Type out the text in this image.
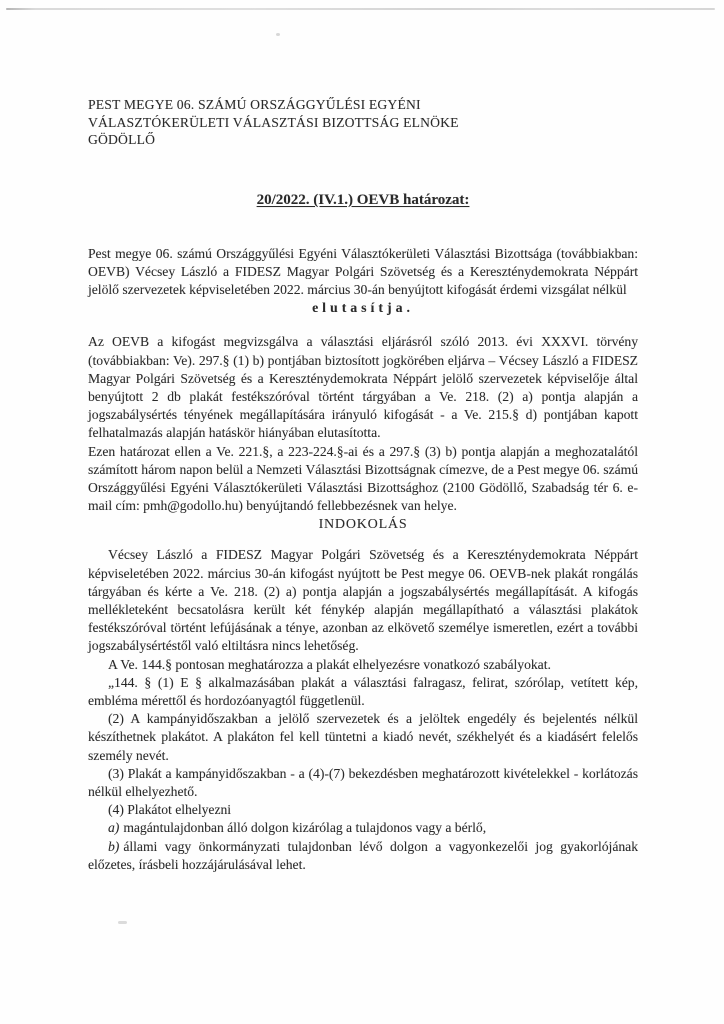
PEST MEGYE 06. SZÁMÚ ORSZÁGGYŰLÉSI EGYÉNI
VÁLASZTÓKERÜLETI VÁLASZTÁSI BIZOTTSÁG ELNÖKE
GÖDÖLLŐ
20/2022. (IV.1.) OEVB határozat:

Pest megye 06. számú Országgyűlési Egyéni Választókerületi Választási Bizottsága (továbbiakban: OEVB) Vécsey László a FIDESZ Magyar Polgári Szövetség és a Kereszténydemokrata Néppárt jelölő szervezetek képviseletében 2022. március 30-án benyújtott kifogását érdemi vizsgálat nélkül

elutasítja.

Az OEVB a kifogást megvizsgálva a választási eljárásról szóló 2013. évi XXXVI. törvény (továbbiakban: Ve). 297.§ (1) b) pontjában biztosított jogkörében eljárva – Vécsey László a FIDESZ Magyar Polgári Szövetség és a Kereszténydemokrata Néppárt jelölő szervezetek képviselője által benyújtott 2 db plakát festékszóróval történt tárgyában a Ve. 218. (2) a) pontja alapján a jogszabálysértés tényének megállapítására irányuló kifogását - a Ve. 215.§ d) pontjában kapott felhatalmazás alapján hatáskör hiányában elutasította.

Ezen határozat ellen a Ve. 221.§, a 223-224.§-ai és a 297.§ (3) b) pontja alapján a meghozatalától számított három napon belül a Nemzeti Választási Bizottságnak címezve, de a Pest megye 06. számú Országgyűlési Egyéni Választókerületi Választási Bizottsághoz (2100 Gödöllő, Szabadság tér 6. e-mail cím: pmh@godollo.hu) benyújtandó fellebbezésnek van helye.

INDOKOLÁS

Vécsey László a FIDESZ Magyar Polgári Szövetség és a Kereszténydemokrata Néppárt képviseletében 2022. március 30-án kifogást nyújtott be Pest megye 06. OEVB-nek plakát rongálás tárgyában és kérte a Ve. 218. (2) a) pontja alapján a jogszabálysértés megállapítását. A kifogás mellékleteként becsatolásra került két fénykép alapján megállapítható a választási plakátok festékszóróval történt lefújásának a ténye, azonban az elkövető személye ismeretlen, ezért a további jogszabálysértéstől való eltiltásra nincs lehetőség.

A Ve. 144.§ pontosan meghatározza a plakát elhelyezésre vonatkozó szabályokat.

„144. § (1) E § alkalmazásában plakát a választási falragasz, felirat, szórólap, vetített kép, embléma mérettől és hordozóanyagtól függetlenül.

(2) A kampányidőszakban a jelölő szervezetek és a jelöltek engedély és bejelentés nélkül készíthetnek plakátot. A plakáton fel kell tüntetni a kiadó nevét, székhelyét és a kiadásért felelős személy nevét.

(3) Plakát a kampányidőszakban - a (4)-(7) bekezdésben meghatározott kivételekkel - korlátozás nélkül elhelyezhető.

(4) Plakátot elhelyezni

a) magántulajdonban álló dolgon kizárólag a tulajdonos vagy a bérlő,

b) állami vagy önkormányzati tulajdonban lévő dolgon a vagyonkezelői jog gyakorlójának előzetes, írásbeli hozzájárulásával lehet.
